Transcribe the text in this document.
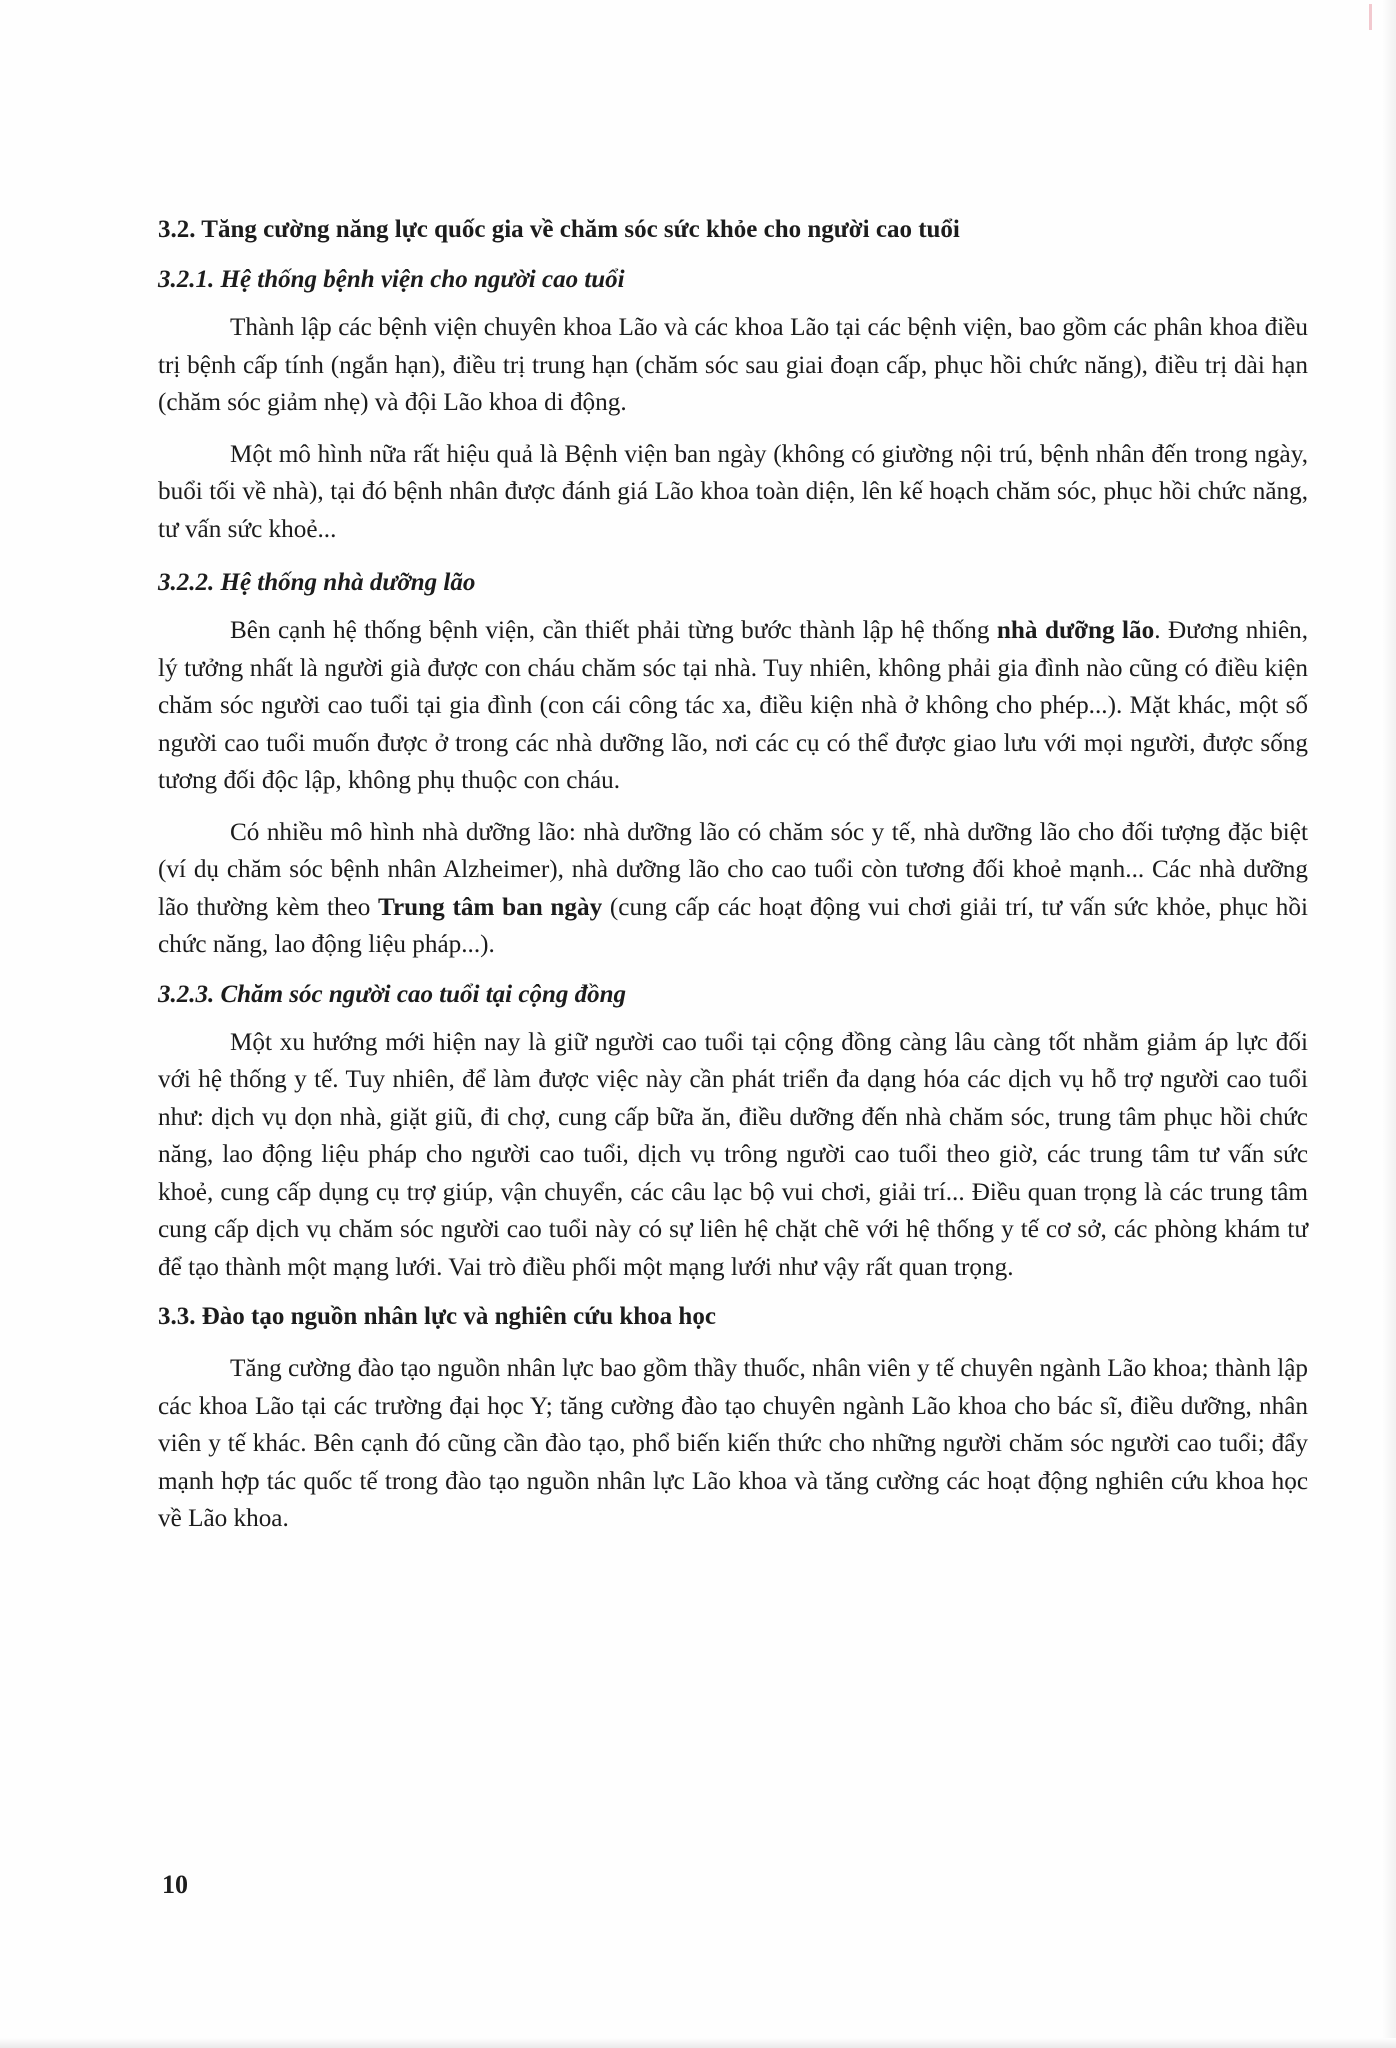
3.2. Tăng cường năng lực quốc gia về chăm sóc sức khỏe cho người cao tuổi
3.2.1. Hệ thống bệnh viện cho người cao tuổi

Thành lập các bệnh viện chuyên khoa Lão và các khoa Lão tại các bệnh viện, bao gồm các phân khoa điều trị bệnh cấp tính (ngắn hạn), điều trị trung hạn (chăm sóc sau giai đoạn cấp, phục hồi chức năng), điều trị dài hạn (chăm sóc giảm nhẹ) và đội Lão khoa di động.

Một mô hình nữa rất hiệu quả là Bệnh viện ban ngày (không có giường nội trú, bệnh nhân đến trong ngày, buổi tối về nhà), tại đó bệnh nhân được đánh giá Lão khoa toàn diện, lên kế hoạch chăm sóc, phục hồi chức năng, tư vấn sức khoẻ...

3.2.2. Hệ thống nhà dưỡng lão

Bên cạnh hệ thống bệnh viện, cần thiết phải từng bước thành lập hệ thống nhà dưỡng lão. Đương nhiên, lý tưởng nhất là người già được con cháu chăm sóc tại nhà. Tuy nhiên, không phải gia đình nào cũng có điều kiện chăm sóc người cao tuổi tại gia đình (con cái công tác xa, điều kiện nhà ở không cho phép...). Mặt khác, một số người cao tuổi muốn được ở trong các nhà dưỡng lão, nơi các cụ có thể được giao lưu với mọi người, được sống tương đối độc lập, không phụ thuộc con cháu.

Có nhiều mô hình nhà dưỡng lão: nhà dưỡng lão có chăm sóc y tế, nhà dưỡng lão cho đối tượng đặc biệt (ví dụ chăm sóc bệnh nhân Alzheimer), nhà dưỡng lão cho cao tuổi còn tương đối khoẻ mạnh... Các nhà dưỡng lão thường kèm theo Trung tâm ban ngày (cung cấp các hoạt động vui chơi giải trí, tư vấn sức khỏe, phục hồi chức năng, lao động liệu pháp...).

3.2.3. Chăm sóc người cao tuổi tại cộng đồng

Một xu hướng mới hiện nay là giữ người cao tuổi tại cộng đồng càng lâu càng tốt nhằm giảm áp lực đối với hệ thống y tế. Tuy nhiên, để làm được việc này cần phát triển đa dạng hóa các dịch vụ hỗ trợ người cao tuổi như: dịch vụ dọn nhà, giặt giũ, đi chợ, cung cấp bữa ăn, điều dưỡng đến nhà chăm sóc, trung tâm phục hồi chức năng, lao động liệu pháp cho người cao tuổi, dịch vụ trông người cao tuổi theo giờ, các trung tâm tư vấn sức khoẻ, cung cấp dụng cụ trợ giúp, vận chuyển, các câu lạc bộ vui chơi, giải trí... Điều quan trọng là các trung tâm cung cấp dịch vụ chăm sóc người cao tuổi này có sự liên hệ chặt chẽ với hệ thống y tế cơ sở, các phòng khám tư để tạo thành một mạng lưới. Vai trò điều phối một mạng lưới như vậy rất quan trọng.

3.3. Đào tạo nguồn nhân lực và nghiên cứu khoa học

Tăng cường đào tạo nguồn nhân lực bao gồm thầy thuốc, nhân viên y tế chuyên ngành Lão khoa; thành lập các khoa Lão tại các trường đại học Y; tăng cường đào tạo chuyên ngành Lão khoa cho bác sĩ, điều dưỡng, nhân viên y tế khác. Bên cạnh đó cũng cần đào tạo, phổ biến kiến thức cho những người chăm sóc người cao tuổi; đẩy mạnh hợp tác quốc tế trong đào tạo nguồn nhân lực Lão khoa và tăng cường các hoạt động nghiên cứu khoa học về Lão khoa.

10
